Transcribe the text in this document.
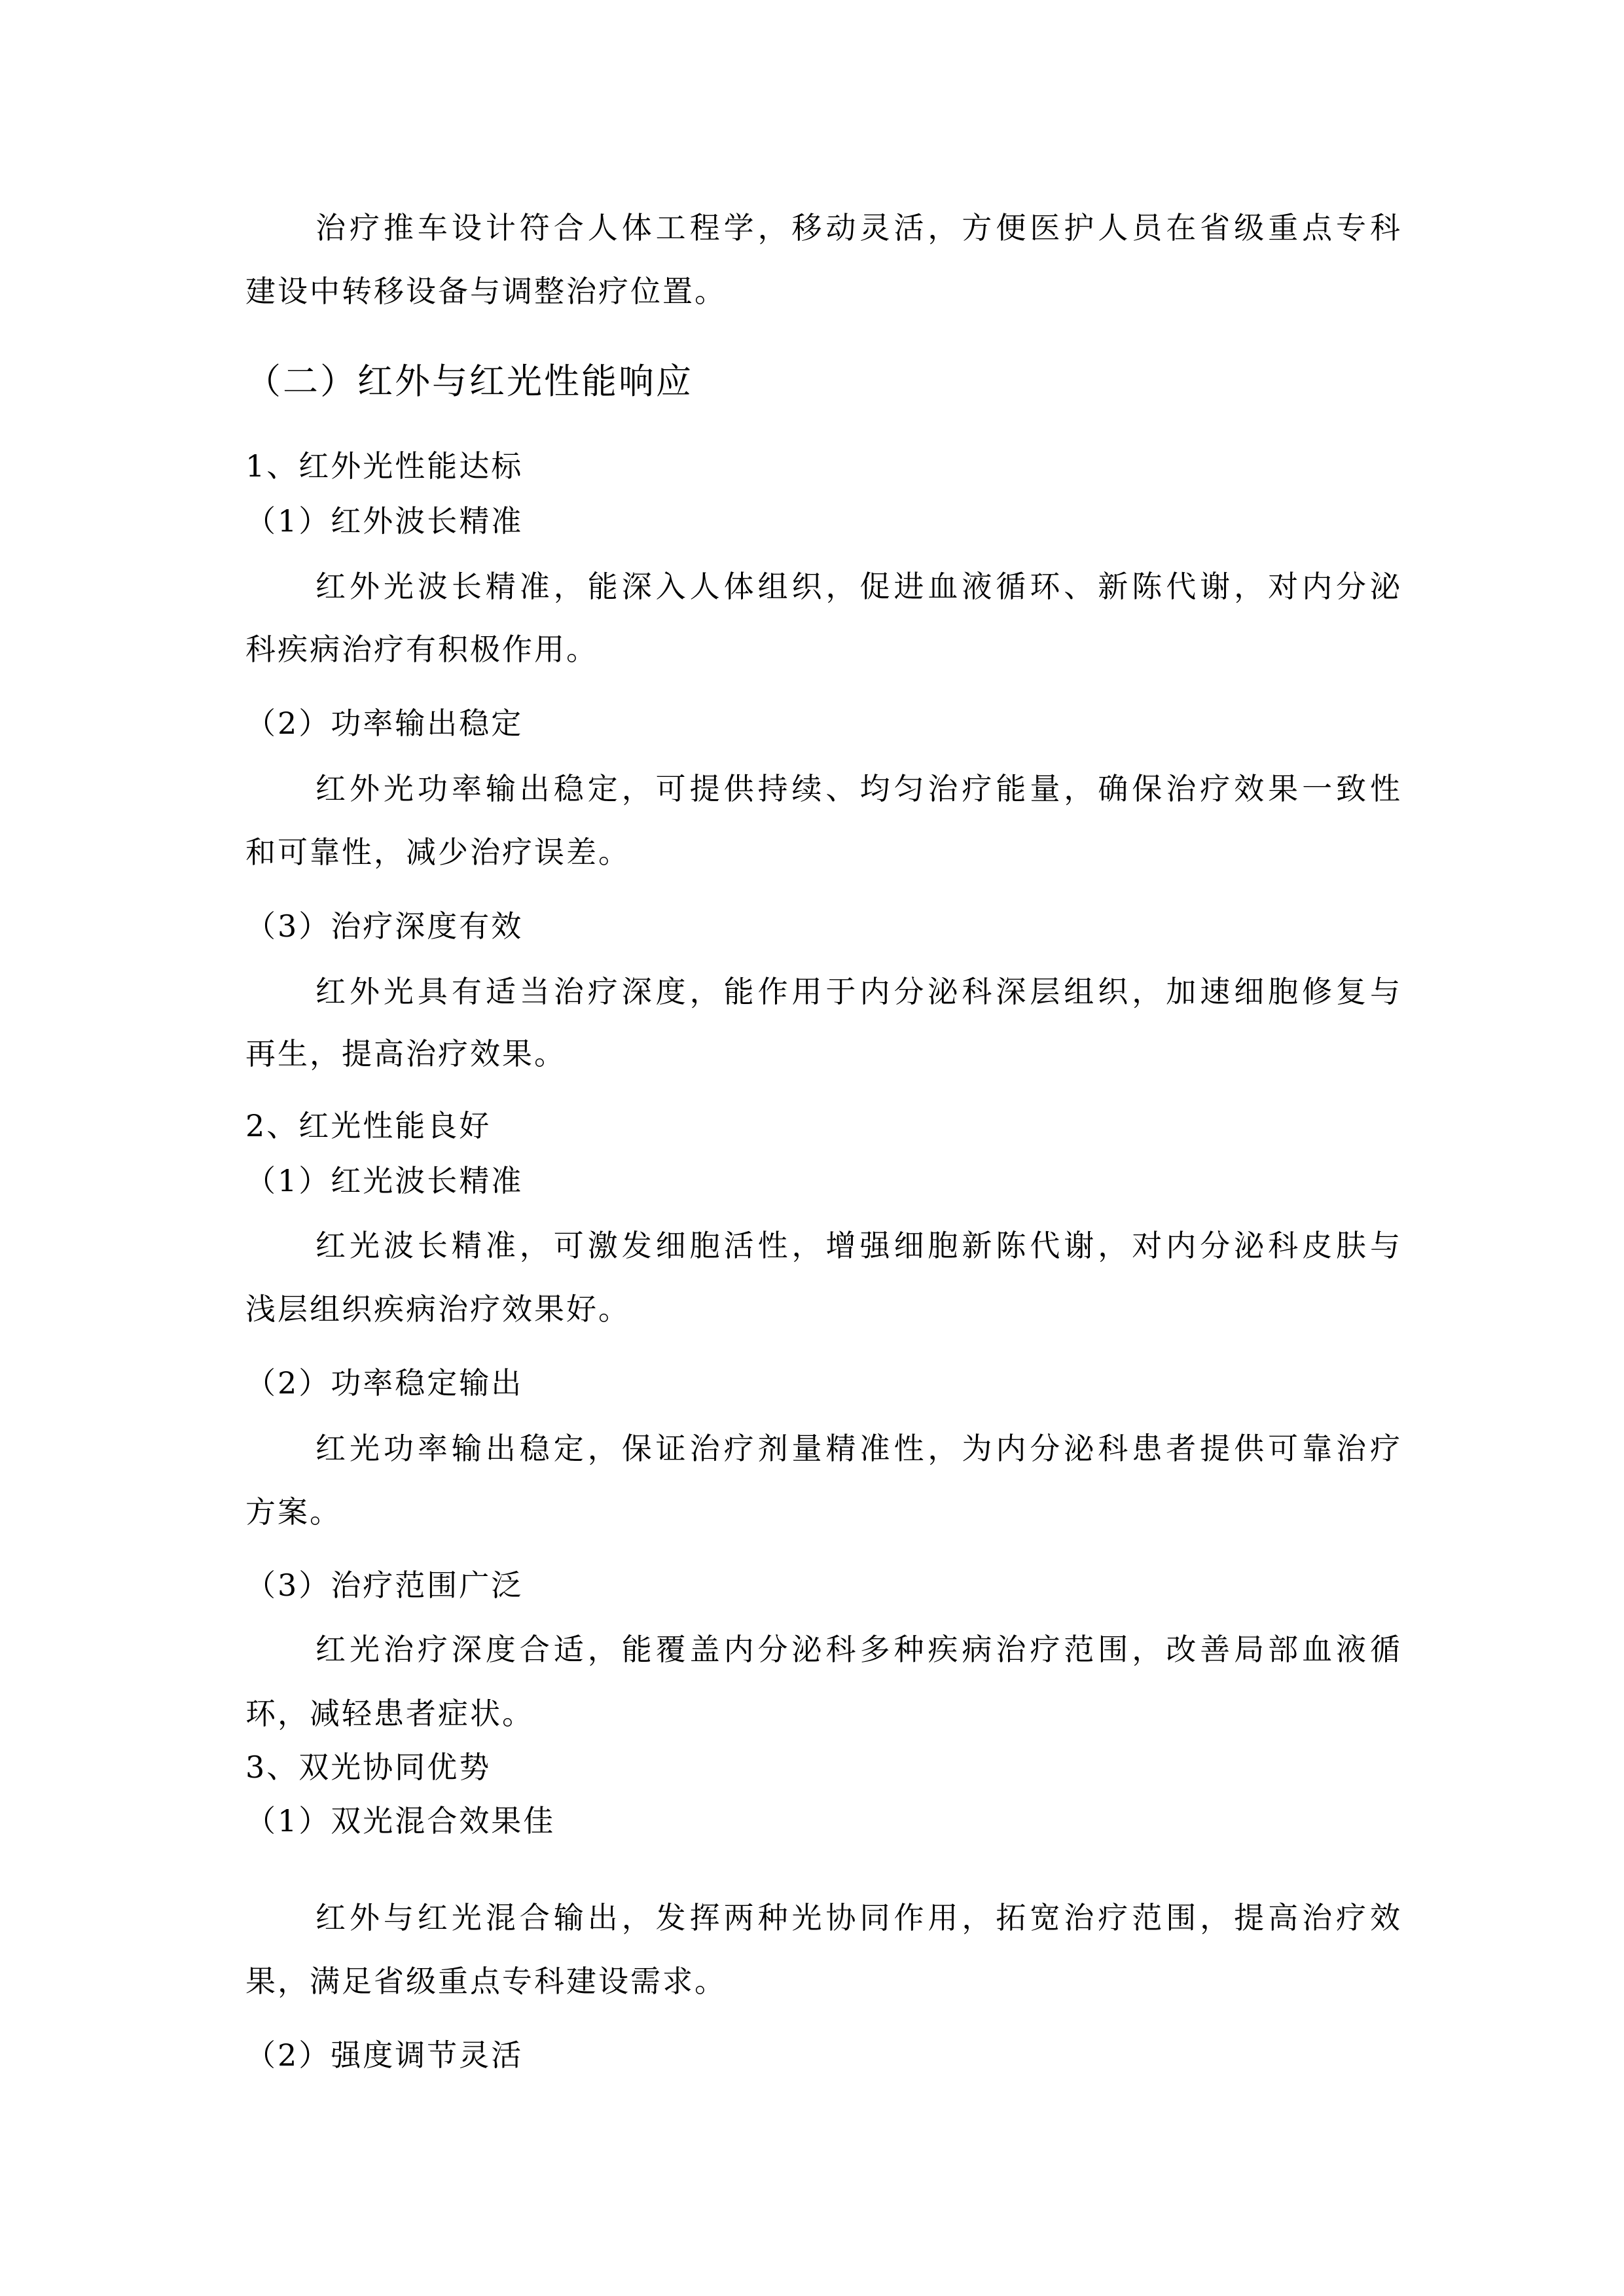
治疗推车设计符合人体工程学，移动灵活，方便医护人员在省级重点专科
建设中转移设备与调整治疗位置。
（二）红外与红光性能响应
1、红外光性能达标
（1）红外波长精准
红外光波长精准，能深入人体组织，促进血液循环、新陈代谢，对内分泌
科疾病治疗有积极作用。
（2）功率输出稳定
红外光功率输出稳定，可提供持续、均匀治疗能量，确保治疗效果一致性
和可靠性，减少治疗误差。
（3）治疗深度有效
红外光具有适当治疗深度，能作用于内分泌科深层组织，加速细胞修复与
再生，提高治疗效果。
2、红光性能良好
（1）红光波长精准
红光波长精准，可激发细胞活性，增强细胞新陈代谢，对内分泌科皮肤与
浅层组织疾病治疗效果好。
（2）功率稳定输出
红光功率输出稳定，保证治疗剂量精准性，为内分泌科患者提供可靠治疗
方案。
（3）治疗范围广泛
红光治疗深度合适，能覆盖内分泌科多种疾病治疗范围，改善局部血液循
环，减轻患者症状。
3、双光协同优势
（1）双光混合效果佳
红外与红光混合输出，发挥两种光协同作用，拓宽治疗范围，提高治疗效
果，满足省级重点专科建设需求。
（2）强度调节灵活
